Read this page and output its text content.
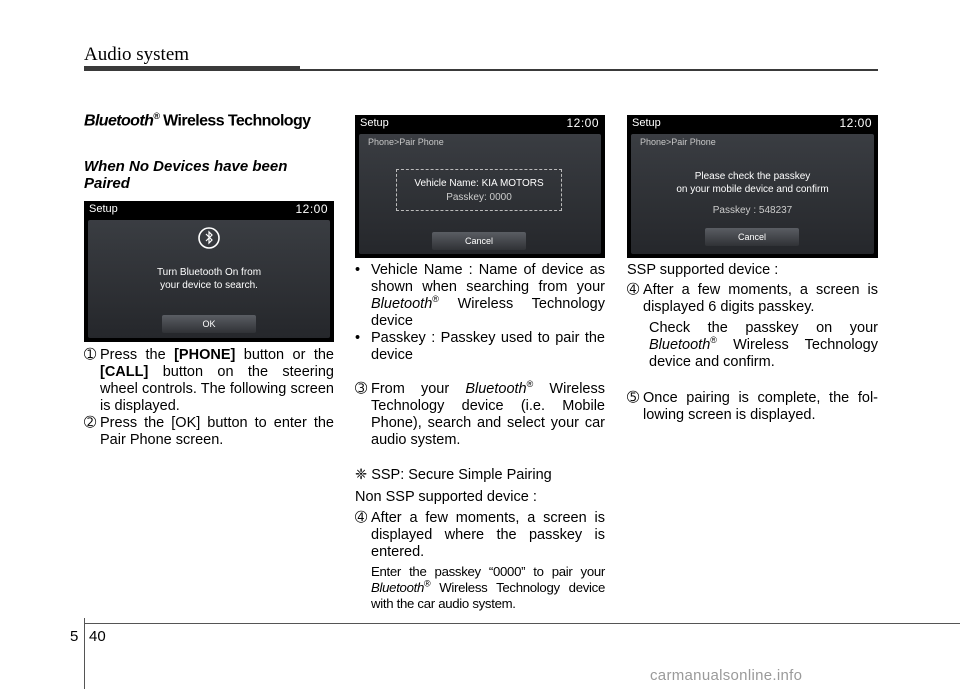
Audio system
Bluetooth® Wireless Technology
When No Devices have been Paired
Setup	12:00
Turn Bluetooth On from
your device to search.
OK
Setup	12:00
Phone>Pair Phone
Vehicle Name: KIA MOTORS
Passkey: 0000
Cancel
Setup	12:00
Phone>Pair Phone
Please check the passkey
on your mobile device and confirm
Passkey : 548237
Cancel
➀ Press the [PHONE] button or the [CALL] button on the steering wheel controls. The following screen is displayed.
➁ Press the [OK] button to enter the Pair Phone screen.
• Vehicle Name : Name of device as shown when searching from your Bluetooth® Wireless Technology device
• Passkey : Passkey used to pair the device
➂ From your Bluetooth® Wireless Technology device (i.e. Mobile Phone), search and select your car audio system.
❈ SSP: Secure Simple Pairing
Non SSP supported device :
➃ After a few moments, a screen is displayed where the passkey is entered.
Enter the passkey “0000” to pair your Bluetooth® Wireless Technology device with the car audio system.
SSP supported device :
➃ After a few moments, a screen is displayed 6 digits passkey.
Check the passkey on your Bluetooth® Wireless Technology device and confirm.
➄ Once pairing is complete, the fol-lowing screen is displayed.
5 40
carmanualsonline.info
